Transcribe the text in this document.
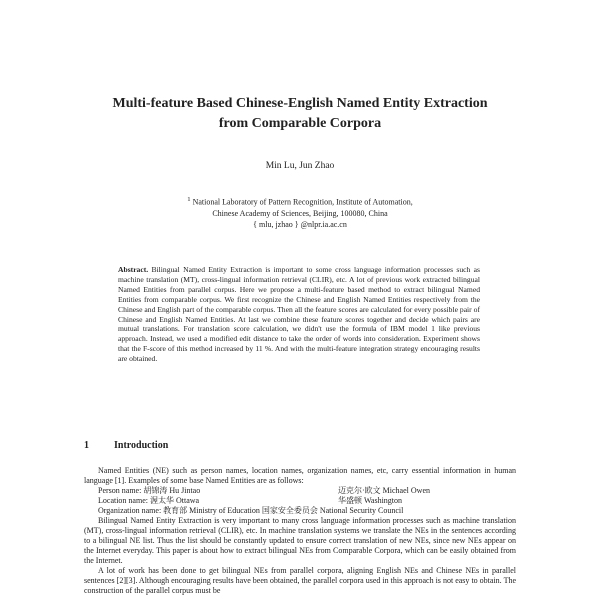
Multi-feature Based Chinese-English Named Entity Extraction
from Comparable Corpora
Min Lu, Jun Zhao
$^1$ National Laboratory of Pattern Recognition, Institute of Automation,
Chinese Academy of Sciences, Beijing, 100080, China
{ mlu, jzhao } @nlpr.ia.ac.cn
Abstract. Bilingual Named Entity Extraction is important to some cross language information processes such as machine translation (MT), cross-lingual information retrieval (CLIR), etc. A lot of previous work extracted bilingual Named Entities from parallel corpus. Here we propose a multi-feature based method to extract bilingual Named Entities from comparable corpus. We first recognize the Chinese and English Named Entities respectively from the Chinese and English part of the comparable corpus. Then all the feature scores are calculated for every possible pair of Chinese and English Named Entities. At last we combine these feature scores together and decide which pairs are mutual translations. For translation score calculation, we didn't use the formula of IBM model 1 like previous approach. Instead, we used a modified edit distance to take the order of words into consideration. Experiment shows that the F-score of this method increased by 11 %. And with the multi-feature integration strategy encouraging results are obtained.
1	Introduction

Named Entities (NE) such as person names, location names, organization names, etc, carry essential information in human language [1]. Examples of some base Named Entities are as follows:

Person name: 胡锦涛 Hu Jintao	迈克尔·欧文 Michael Owen
Location name: 渥太华 Ottawa	华盛顿 Washington
Organization name: 教育部 Ministry of Education 国家安全委员会 National Security Council

Bilingual Named Entity Extraction is very important to many cross language information processes such as machine translation (MT), cross-lingual information retrieval (CLIR), etc. In machine translation systems we translate the NEs in the sentences according to a bilingual NE list. Thus the list should be constantly updated to ensure correct translation of new NEs, since new NEs appear on the Internet everyday. This paper is about how to extract bilingual NEs from Comparable Corpora, which can be easily obtained from the Internet.

A lot of work has been done to get bilingual NEs from parallel corpora, aligning English NEs and Chinese NEs in parallel sentences [2][3]. Although encouraging results have been obtained, the parallel corpora used in this approach is not easy to obtain. The construction of the parallel corpus must be
